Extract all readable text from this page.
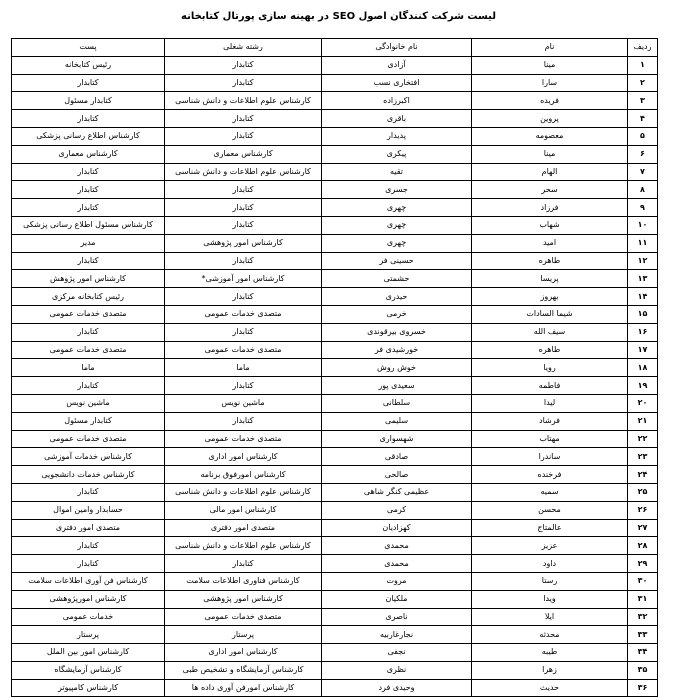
لیست شرکت کنندگان اصول SEO در بهینه سازی پورتال کتابخانه
ردیف	نام	نام خانوادگی	رشته شغلی	پست
۱	مینا	آزادی	کتابدار	رئیس کتابخانه
۲	سارا	افتخاری نسب	کتابدار	کتابدار
۳	فریده	اکبرزاده	کارشناس علوم اطلاعات و دانش شناسی	کتابدار مسئول
۴	پروین	باقری	کتابدار	کتابدار
۵	معصومه	پدیدار	کتابدار	کارشناس اطلاع رسانی پزشکی
۶	مینا	پیکری	کارشناس معماری	کارشناس معماری
۷	الهام	تقیه	کارشناس علوم اطلاعات و دانش شناسی	کتابدار
۸	سحر	جسری	کتابدار	کتابدار
۹	فرزاد	چهری	کتابدار	کتابدار
۱۰	شهاب	چهری	کتابدار	کارشناس مسئول اطلاع رسانی پزشکی
۱۱	امید	چهری	کارشناس امور پژوهشی	مدیر
۱۲	طاهره	حسینی فر	کتابدار	کتابدار
۱۳	پریسا	حشمتی	کارشناس امور آموزشی*	کارشناس امور پژوهش
۱۴	بهروز	حیدری	کتابدار	رئیس کتابخانه مرکزی
۱۵	شیما السادات	خرمی	متصدی خدمات عمومی	متصدی خدمات عمومی
۱۶	سیف الله	خسروی بیرقوندی	کتابدار	کتابدار
۱۷	طاهره	خورشیدی فر	متصدی خدمات عمومی	متصدی خدمات عمومی
۱۸	رویا	خوش روش	ماما	ماما
۱۹	فاطمه	سعیدی پور	کتابدار	کتابدار
۲۰	لیدا	سلطانی	ماشین نویس	ماشین نویس
۲۱	فرشاد	سلیمی	کتابدار	کتابدار مسئول
۲۲	مهتاب	شهسواری	متصدی خدمات عمومی	متصدی خدمات عمومی
۲۳	ساندرا	صادقی	کارشناس امور اداری	کارشناس خدمات آموزشی
۲۴	فرخنده	صالحی	کارشناس امورفوق برنامه	کارشناس خدمات دانشجویی
۲۵	سمیه	عظیمی کنگر شاهی	کارشناس علوم اطلاعات و دانش شناسی	کتابدار
۲۶	محسن	کرمی	کارشناس امور مالی	حسابدار وامین اموال
۲۷	عالمتاج	کهزادیان	متصدی امور دفتری	متصدی امور دفتری
۲۸	عزیز	محمدی	کارشناس علوم اطلاعات و دانش شناسی	کتابدار
۲۹	داود	محمدی	کتابدار	کتابدار
۳۰	رستا	مروت	کارشناس فناوری اطلاعات سلامت	کارشناس فن آوری اطلاعات سلامت
۳۱	ویدا	ملکیان	کارشناس امور پژوهشی	کارشناس امورپژوهشی
۳۲	ایلا	ناصری	متصدی خدمات عمومی	خدمات عمومی
۳۳	محدثه	نجارغاربیه	پرستار	پرستار
۳۴	طیبه	نجفی	کارشناس امور اداری	کارشناس امور بین الملل
۳۵	زهرا	نظری	کارشناس آزمایشگاه و تشخیص طبی	کارشناس آزمایشگاه
۳۶	حدیث	وحیدی فرد	کارشناس امورفن آوری داده ها	کارشناس کامپیوتر
